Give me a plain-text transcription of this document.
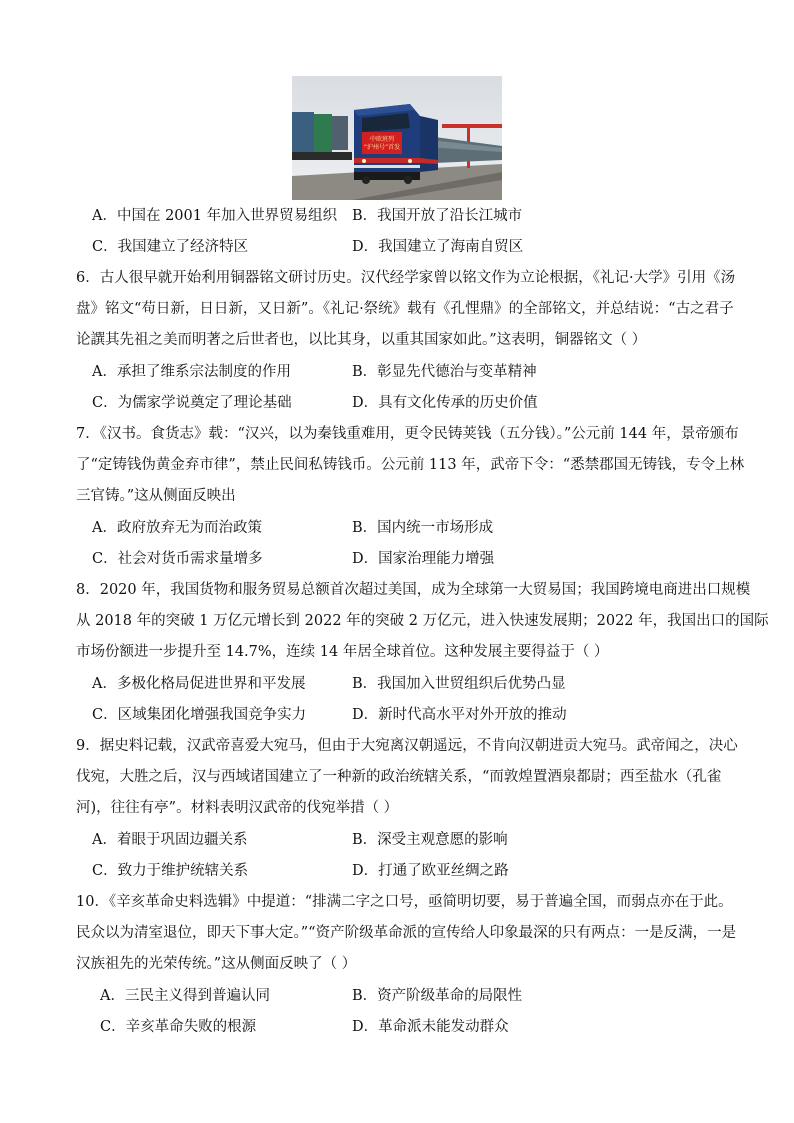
中欧班列
“沪州号”首发
A．中国在 2001 年加入世界贸易组织 B．我国开放了沿长江城市
C．我国建立了经济特区	D．我国建立了海南自贸区
6．古人很早就开始利用铜器铭文研讨历史。汉代经学家曾以铭文作为立论根据，《礼记·大学》引用《汤
盘》铭文“苟日新，日日新，又日新”。《礼记·祭统》载有《孔悝鼎》的全部铭文，并总结说：“古之君子
论譔其先祖之美而明著之后世者也，以比其身，以重其国家如此。”这表明，铜器铭文（ ）
A．承担了维系宗法制度的作用	B．彰显先代德治与变革精神
C．为儒家学说奠定了理论基础	D．具有文化传承的历史价值
7．《汉书。食货志》载：“汉兴，以为秦钱重难用，更令民铸荚钱（五分钱）。”公元前 144 年，景帝颁布
了“定铸钱伪黄金弃市律”，禁止民间私铸钱币。公元前 113 年，武帝下令：“悉禁郡国无铸钱，专令上林
三官铸。”这从侧面反映出
A．政府放弃无为而治政策	B．国内统一市场形成
C．社会对货币需求量增多	D．国家治理能力增强
8．2020 年，我国货物和服务贸易总额首次超过美国，成为全球第一大贸易国；我国跨境电商进出口规模
从 2018 年的突破 1 万亿元增长到 2022 年的突破 2 万亿元，进入快速发展期；2022 年，我国出口的国际
市场份额进一步提升至 14.7%，连续 14 年居全球首位。这种发展主要得益于（ ）
A．多极化格局促进世界和平发展	B．我国加入世贸组织后优势凸显
C．区域集团化增强我国竞争实力	D．新时代高水平对外开放的推动
9．据史料记载，汉武帝喜爱大宛马，但由于大宛离汉朝遥远，不肯向汉朝进贡大宛马。武帝闻之，决心
伐宛，大胜之后，汉与西域诸国建立了一种新的政治统辖关系，“而敦煌置酒泉都尉；西至盐水（孔雀
河)，往往有亭”。材料表明汉武帝的伐宛举措（ ）
A．着眼于巩固边疆关系	B．深受主观意愿的影响
C．致力于维护统辖关系	D．打通了欧亚丝绸之路
10．《辛亥革命史料选辑》中提道：“排满二字之口号，亟简明切要，易于普遍全国，而弱点亦在于此。
民众以为清室退位，即天下事大定。”“资产阶级革命派的宣传给人印象最深的只有两点：一是反满，一是
汉族祖先的光荣传统。”这从侧面反映了（ ）
A．三民主义得到普遍认同	B．资产阶级革命的局限性
C．辛亥革命失败的根源	D．革命派未能发动群众
